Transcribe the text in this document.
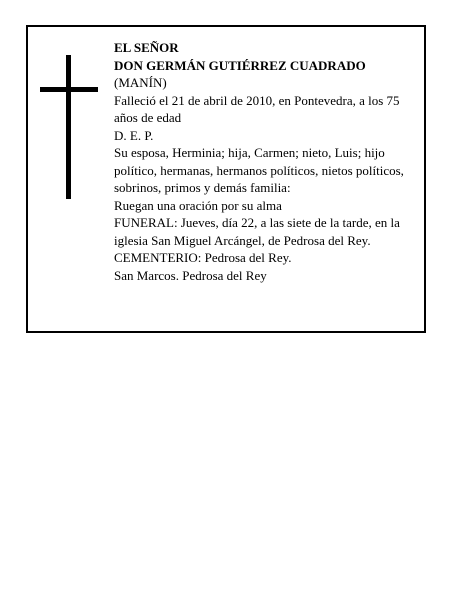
EL SEÑOR

DON GERMÁN GUTIÉRREZ CUADRADO

(MANÍN)

Falleció el 21 de abril de 2010, en Pontevedra, a los 75 años de edad

D. E. P.

Su esposa, Herminia; hija, Carmen; nieto, Luis; hijo político, hermanas, hermanos políticos, nietos políticos, sobrinos, primos y demás familia:

Ruegan una oración por su alma

FUNERAL: Jueves, día 22, a las siete de la tarde, en la iglesia San Miguel Arcángel, de Pedrosa del Rey.

CEMENTERIO: Pedrosa del Rey.

San Marcos. Pedrosa del Rey
